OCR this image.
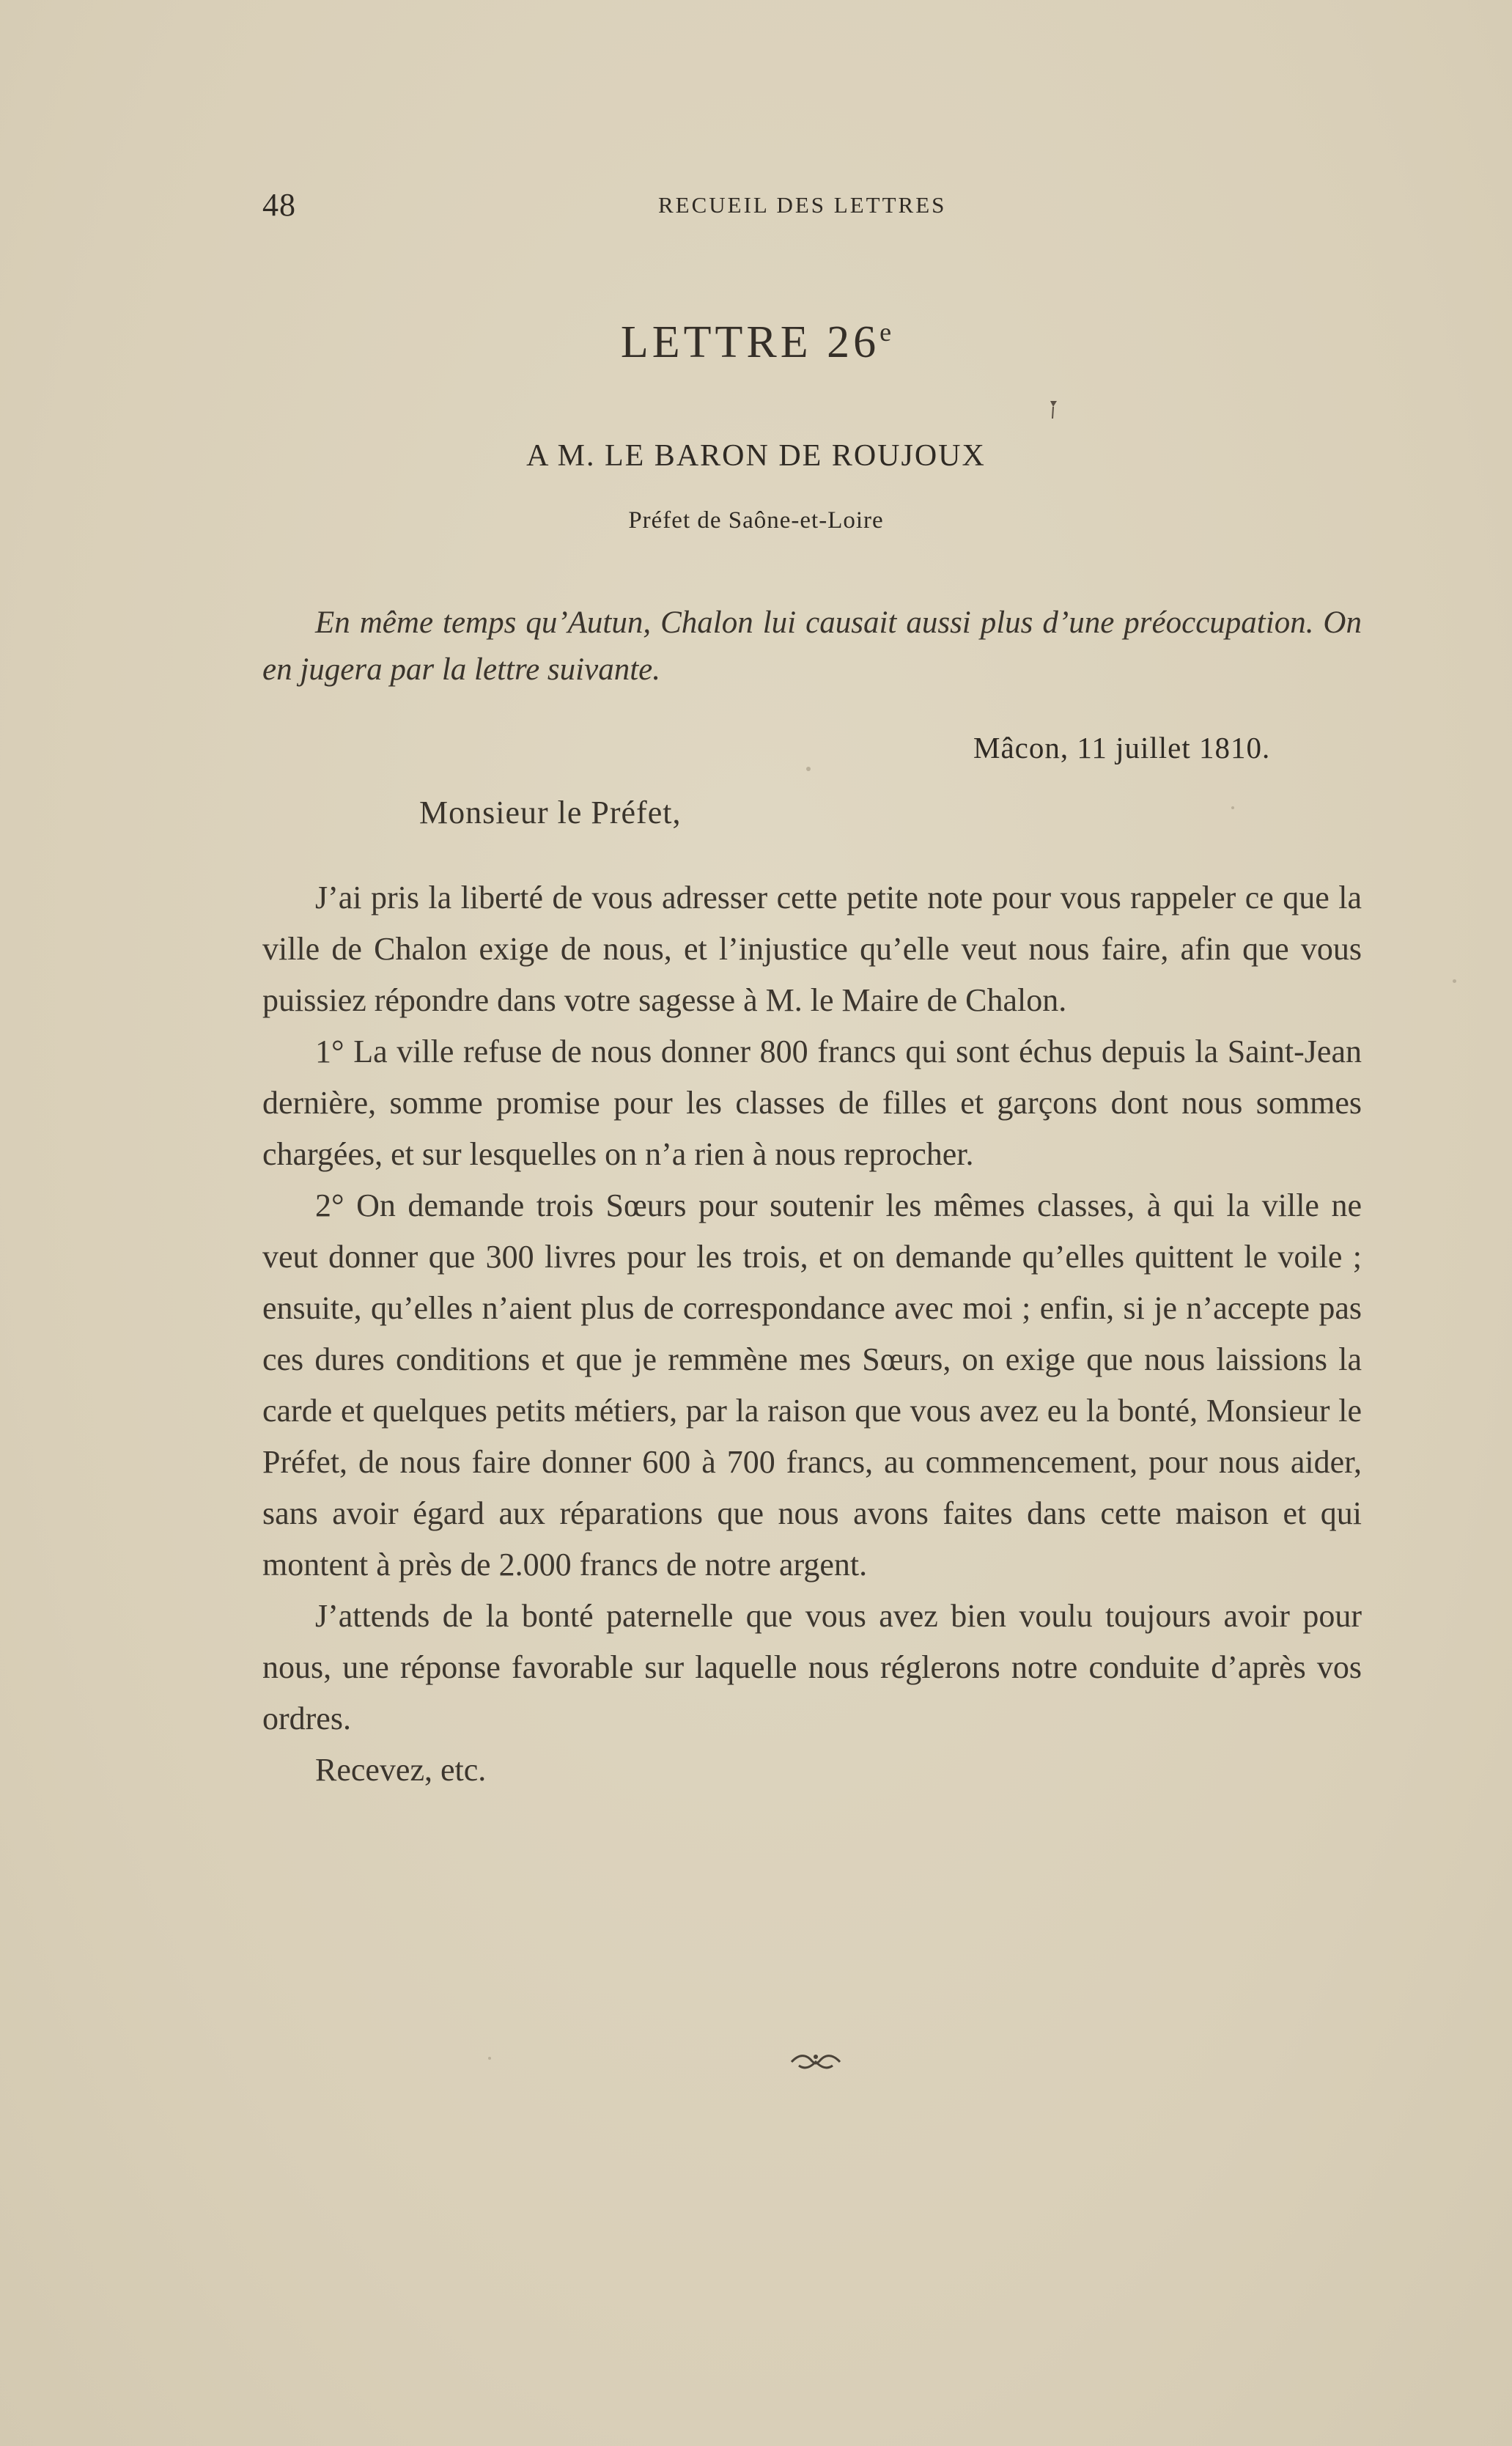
48	RECUEIL DES LETTRES
LETTRE 26e
A M. LE BARON DE ROUJOUX
Préfet de Saône-et-Loire
En même temps qu’Autun, Chalon lui causait aussi plus d’une préoccupation. On en jugera par la lettre suivante.
Mâcon, 11 juillet 1810.
Monsieur le Préfet,

J’ai pris la liberté de vous adresser cette petite note pour vous rappeler ce que la ville de Chalon exige de nous, et l’injustice qu’elle veut nous faire, afin que vous puissiez répondre dans votre sagesse à M. le Maire de Chalon.

1° La ville refuse de nous donner 800 francs qui sont échus depuis la Saint-Jean dernière, somme promise pour les classes de filles et garçons dont nous sommes chargées, et sur lesquelles on n’a rien à nous reprocher.

2° On demande trois Sœurs pour soutenir les mêmes classes, à qui la ville ne veut donner que 300 livres pour les trois, et on demande qu’elles quittent le voile ; ensuite, qu’elles n’aient plus de correspondance avec moi ; enfin, si je n’accepte pas ces dures conditions et que je remmène mes Sœurs, on exige que nous laissions la carde et quelques petits métiers, par la raison que vous avez eu la bonté, Monsieur le Préfet, de nous faire donner 600 à 700 francs, au commencement, pour nous aider, sans avoir égard aux réparations que nous avons faites dans cette maison et qui montent à près de 2.000 francs de notre argent.

J’attends de la bonté paternelle que vous avez bien voulu toujours avoir pour nous, une réponse favorable sur laquelle nous réglerons notre conduite d’après vos ordres.

Recevez, etc.
